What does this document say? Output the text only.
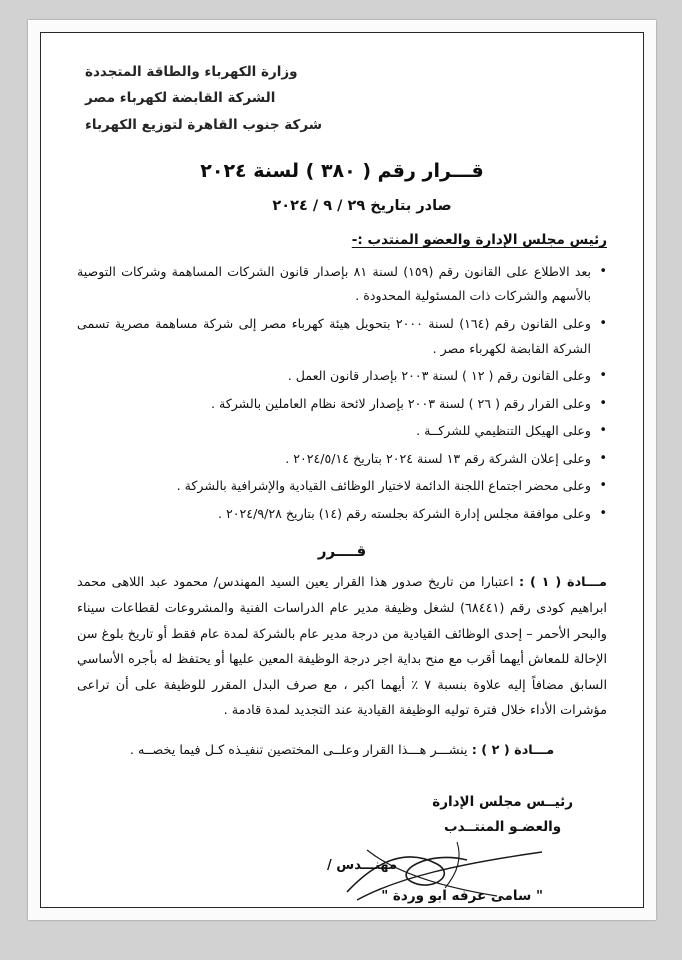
وزارة الكهرباء والطاقة المتجددة
الشركة القابضة لكهرباء مصر
شركة جنوب القاهرة لتوزيع الكهرباء
قـــرار رقم ( ٣٨٠ ) لسنة ٢٠٢٤
صادر بتاريخ ٢٩ / ٩ / ٢٠٢٤
رئيس مجلس الإدارة والعضو المنتدب :-
• بعد الاطلاع على القانون رقم (١٥٩) لسنة ٨١ بإصدار قانون الشركات المساهمة وشركات التوصية بالأسهم والشركات ذات المسئولية المحدودة .
• وعلى القانون رقم (١٦٤) لسنة ٢٠٠٠ بتحويل هيئة كهرباء مصر إلى شركة مساهمة مصرية تسمى الشركة القابضة لكهرباء مصر .
• وعلى القانون رقم ( ١٢ ) لسنة ٢٠٠٣ بإصدار قانون العمل .
• وعلى القرار رقم ( ٢٦ ) لسنة ٢٠٠٣ بإصدار لائحة نظام العاملين بالشركة .
• وعلى الهيكل التنظيمي للشركــة .
• وعلى إعلان الشركة رقم ١٣ لسنة ٢٠٢٤ بتاريخ ٢٠٢٤/٥/١٤ .
• وعلى محضر اجتماع اللجنة الدائمة لاختيار الوظائف القيادية والإشرافية بالشركة .
• وعلى موافقة مجلس إدارة الشركة بجلسته رقم (١٤) بتاريخ ٢٠٢٤/٩/٢٨ .
قــــرر
مـــادة ( ١ ) : اعتبارا من تاريخ صدور هذا القرار يعين السيد المهندس/ محمود عبد اللاهى محمد ابراهيم كودى رقم (٦٨٤٤١) لشغل وظيفة مدير عام الدراسات الفنية والمشروعات لقطاعات سيناء والبحر الأحمر – إحدى الوظائف القيادية من درجة مدير عام بالشركة لمدة عام فقط أو تاريخ بلوغ سن الإحالة للمعاش أيهما أقرب مع منح بداية اجر درجة الوظيفة المعين عليها أو يحتفظ له بأجره الأساسي السابق مضافاً إليه علاوة بنسبة ٧ ٪ أيهما اكبر ، مع صرف البدل المقرر للوظيفة على أن تراعى مؤشرات الأداء خلال فترة توليه الوظيفة القيادية عند التجديد لمدة قادمة .
مـــادة ( ٢ ) : ينشـــر هـــذا القرار وعلــى المختصين تنفيـذه كـل فيما يخصــه .
رئيــس مجلس الإدارة
والعضـو المنتــدب
مهنـــدس /
" سامى عرفه ابو وردة "
